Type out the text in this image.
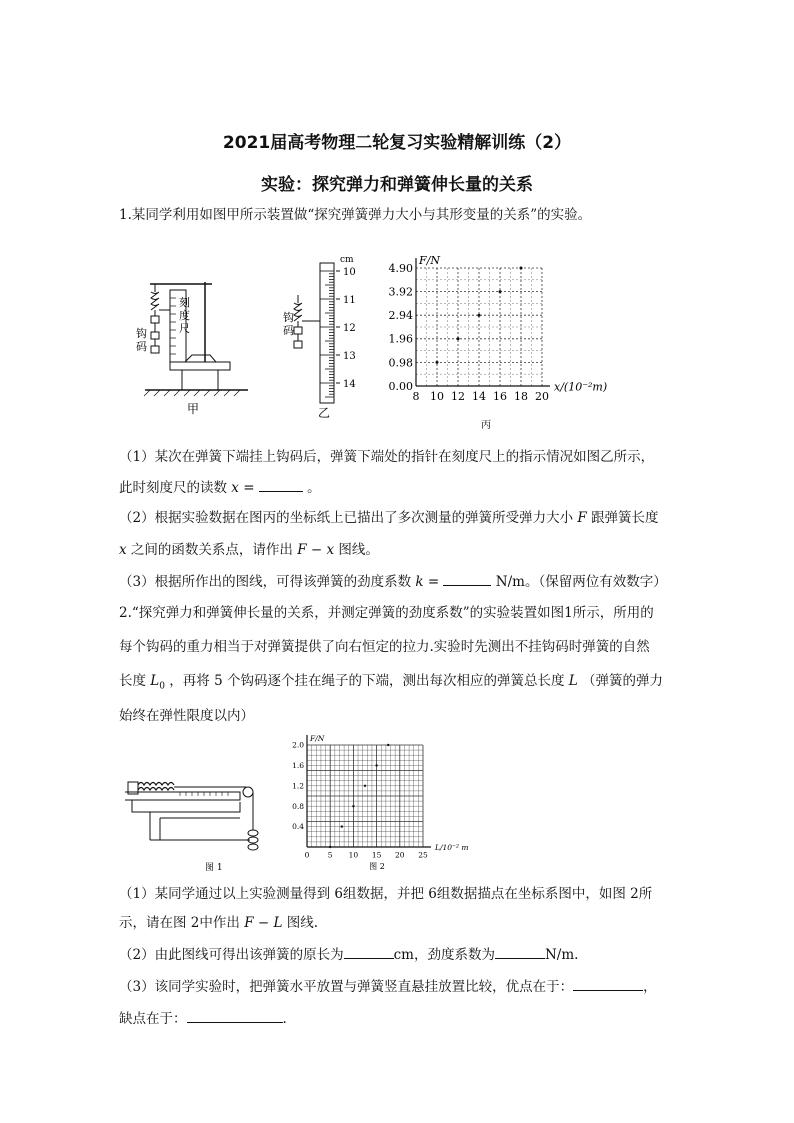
2021届高考物理二轮复习实验精解训练（2）
实验：探究弹力和弹簧伸长量的关系
1.某同学利用如图甲所示装置做“探究弹簧弹力大小与其形变量的关系”的实验。
刻度尺
钩码
甲
cm
10
11
12
13
14
钩码
乙
8 10 12 14 16 18 20
0.00
0.98
1.96
2.94
3.92
4.90
x/(10⁻²m)
F/N
丙
（1）某次在弹簧下端挂上钩码后，弹簧下端处的指针在刻度尺上的指示情况如图乙所示，
此时刻度尺的读数 x =	。
（2）根据实验数据在图丙的坐标纸上已描出了多次测量的弹簧所受弹力大小 F 跟弹簧长度
x 之间的函数关系点，请作出 F − x 图线。
（3）根据所作出的图线，可得该弹簧的劲度系数 k =	N/m。（保留两位有效数字）
2.“探究弹力和弹簧伸长量的关系，并测定弹簧的劲度系数”的实验装置如图1所示，所用的
每个钩码的重力相当于对弹簧提供了向右恒定的拉力.实验时先测出不挂钩码时弹簧的自然
长度 $L_0$ ，再将 5 个钩码逐个挂在绳子的下端，测出每次相应的弹簧总长度 L （弹簧的弹力
始终在弹性限度以内）
图 1
0 5 10 15 20 25
0.4
0.8
1.2
1.6
2.0
L/10⁻² m
F/N
图 2
（1）某同学通过以上实验测量得到 6组数据，并把 6组数据描点在坐标系图中，如图 2所
示，请在图 2中作出 F − L 图线.
（2）由此图线可得出该弹簧的原长为	cm，劲度系数为	N/m.
（3）该同学实验时，把弹簧水平放置与弹簧竖直悬挂放置比较，优点在于：	，
缺点在于：	.
